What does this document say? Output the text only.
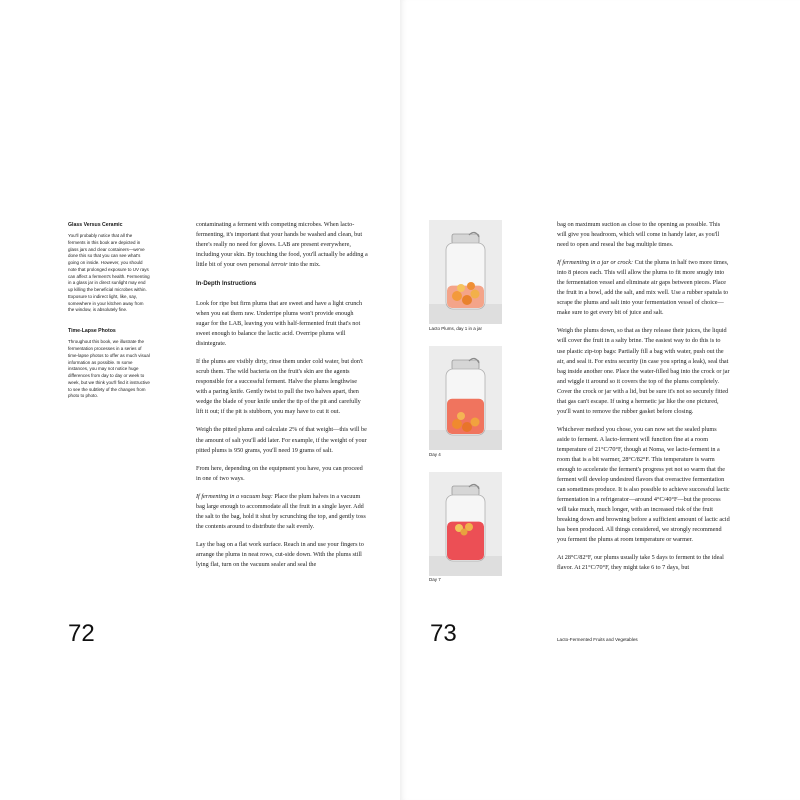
Glass Versus Ceramic

You'll probably notice that all the ferments in this book are depicted in glass jars and clear containers—we've done this so that you can see what's going on inside. However, you should note that prolonged exposure to UV rays can affect a ferment's health. Fermenting in a glass jar in direct sunlight may end up killing the beneficial microbes within. Exposure to indirect light, like, say, somewhere in your kitchen away from the window, is absolutely fine.

Time-Lapse Photos

Throughout this book, we illustrate the fermentation processes in a series of time-lapse photos to offer as much visual information as possible. In some instances, you may not notice huge differences from day to day or week to week, but we think you'll find it instructive to see the subtlety of the changes from photo to photo.

contaminating a ferment with competing microbes. When lacto-fermenting, it's important that your hands be washed and clean, but there's really no need for gloves. LAB are present everywhere, including your skin. By touching the food, you'll actually be adding a little bit of your own personal terroir into the mix.

In-Depth Instructions

Look for ripe but firm plums that are sweet and have a light crunch when you eat them raw. Underripe plums won't provide enough sugar for the LAB, leaving you with half-fermented fruit that's not sweet enough to balance the lactic acid. Overripe plums will disintegrate.

If the plums are visibly dirty, rinse them under cold water, but don't scrub them. The wild bacteria on the fruit's skin are the agents responsible for a successful ferment. Halve the plums lengthwise with a paring knife. Gently twist to pull the two halves apart, then wedge the blade of your knife under the tip of the pit and carefully lift it out; if the pit is stubborn, you may have to cut it out.

Weigh the pitted plums and calculate 2% of that weight—this will be the amount of salt you'll add later. For example, if the weight of your pitted plums is 950 grams, you'll need 19 grams of salt.

From here, depending on the equipment you have, you can proceed in one of two ways.

If fermenting in a vacuum bag: Place the plum halves in a vacuum bag large enough to accommodate all the fruit in a single layer. Add the salt to the bag, hold it shut by scrunching the top, and gently toss the contents around to distribute the salt evenly.

Lay the bag on a flat work surface. Reach in and use your fingers to arrange the plums in neat rows, cut-side down. With the plums still lying flat, turn on the vacuum sealer and seal the

72
Lacto Plums, day 1 in a jar
Day 4
Day 7

bag on maximum suction as close to the opening as possible. This will give you headroom, which will come in handy later, as you'll need to open and reseal the bag multiple times.

If fermenting in a jar or crock: Cut the plums in half two more times, into 8 pieces each. This will allow the plums to fit more snugly into the fermentation vessel and eliminate air gaps between pieces. Place the fruit in a bowl, add the salt, and mix well. Use a rubber spatula to scrape the plums and salt into your fermentation vessel of choice—make sure to get every bit of juice and salt.

Weigh the plums down, so that as they release their juices, the liquid will cover the fruit in a salty brine. The easiest way to do this is to use plastic zip-top bags: Partially fill a bag with water, push out the air, and seal it. For extra security (in case you spring a leak), seal that bag inside another one. Place the water-filled bag into the crock or jar and wiggle it around so it covers the top of the plums completely. Cover the crock or jar with a lid, but be sure it's not so securely fitted that gas can't escape. If using a hermetic jar like the one pictured, you'll want to remove the rubber gasket before closing.

Whichever method you chose, you can now set the sealed plums aside to ferment. A lacto-ferment will function fine at a room temperature of 21°C/70°F, though at Noma, we lacto-ferment in a room that is a bit warmer, 28°C/82°F. This temperature is warm enough to accelerate the ferment's progress yet not so warm that the ferment will develop undesired flavors that overactive fermentation can sometimes produce. It is also possible to achieve successful lactic fermentation in a refrigerator—around 4°C/40°F—but the process will take much, much longer, with an increased risk of the fruit breaking down and browning before a sufficient amount of lactic acid has been produced. All things considered, we strongly recommend you ferment the plums at room temperature or warmer.

At 28°C/82°F, our plums usually take 5 days to ferment to the ideal flavor. At 21°C/70°F, they might take 6 to 7 days, but

73	Lacto-Fermented Fruits and Vegetables
